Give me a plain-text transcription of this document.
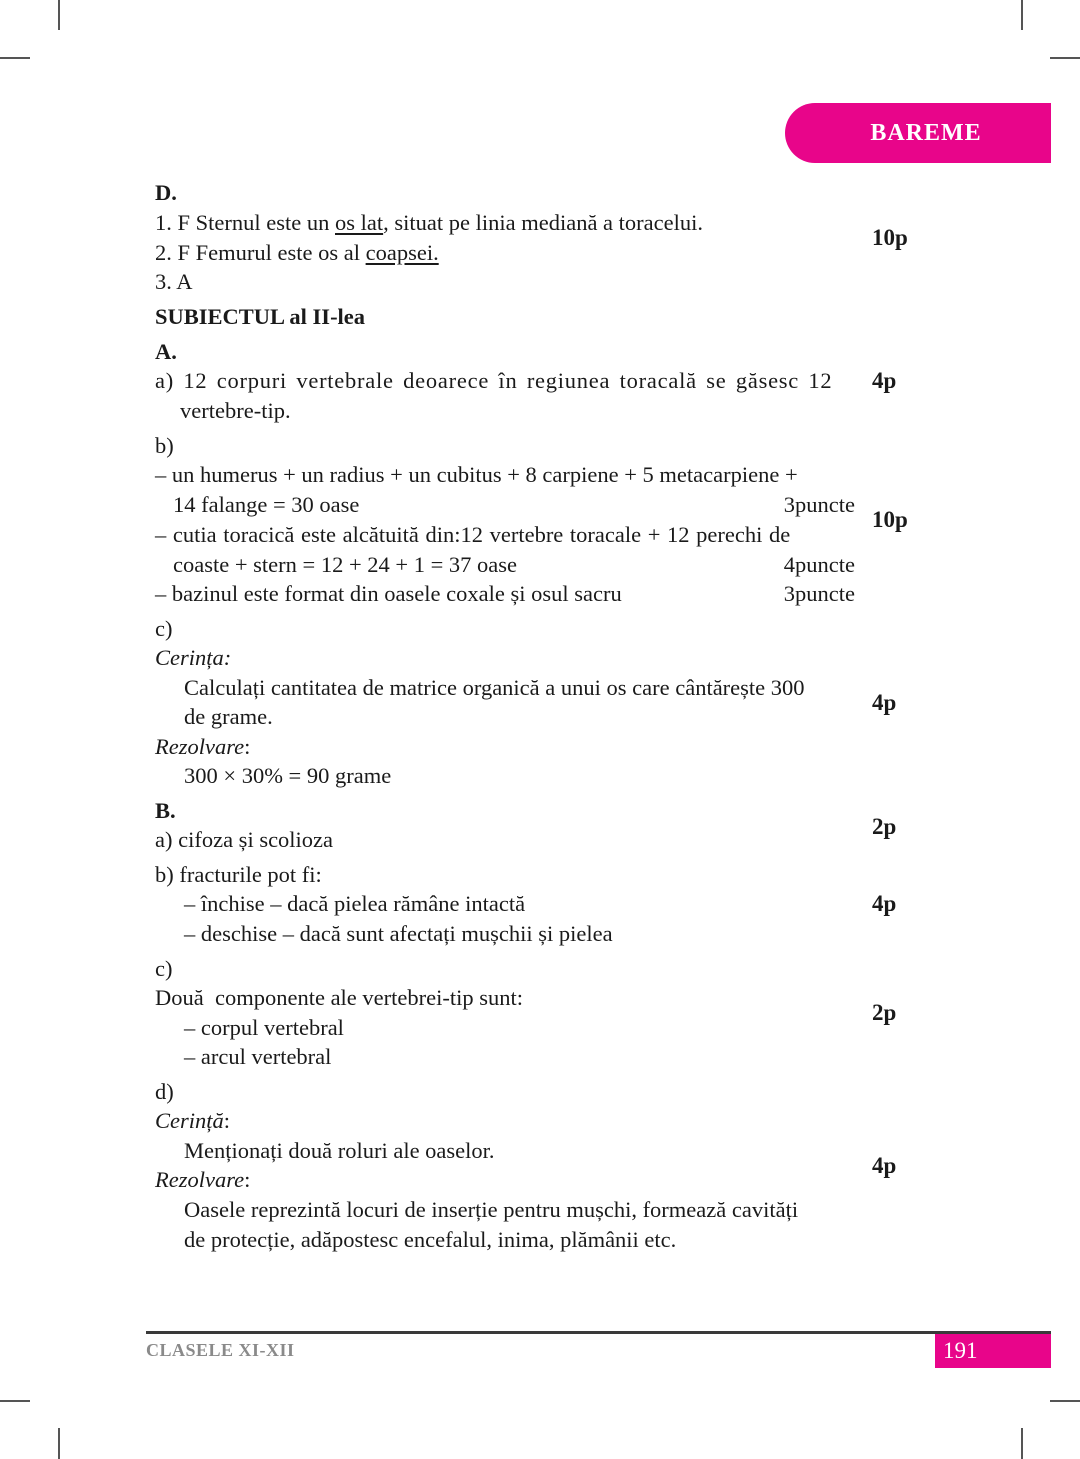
BAREME
D.
1. F Sternul este un os lat, situat pe linia mediană a toracelui.
2. F Femurul este os al coapsei.
3. A
10p
SUBIECTUL al II-lea
A.
a) 12 corpuri vertebrale deoarece în regiunea toracală se găsesc 12
vertebre-tip.
4p
b)
– un humerus + un radius + un cubitus + 8 carpiene + 5 metacarpiene +
14 falange = 30 oase	3puncte
– cutia toracică este alcătuită din:12 vertebre toracale + 12 perechi de
coaste + stern = 12 + 24 + 1 = 37 oase	4puncte
– bazinul este format din oasele coxale și osul sacru	3puncte
10p
c)
Cerința:
Calculați cantitatea de matrice organică a unui os care cântărește 300
de grame.
Rezolvare:
300 × 30% = 90 grame
4p
B.
a) cifoza și scolioza
2p
b) fracturile pot fi:
– închise – dacă pielea rămâne intactă
– deschise – dacă sunt afectați mușchii și pielea
4p
c)
Două  componente ale vertebrei-tip sunt:
– corpul vertebral
– arcul vertebral
2p
d)
Cerință:
Menționați două roluri ale oaselor.
Rezolvare:
Oasele reprezintă locuri de inserție pentru mușchi, formează cavități
de protecție, adăpostesc encefalul, inima, plămânii etc.
4p
CLASELE XI-XII	191
